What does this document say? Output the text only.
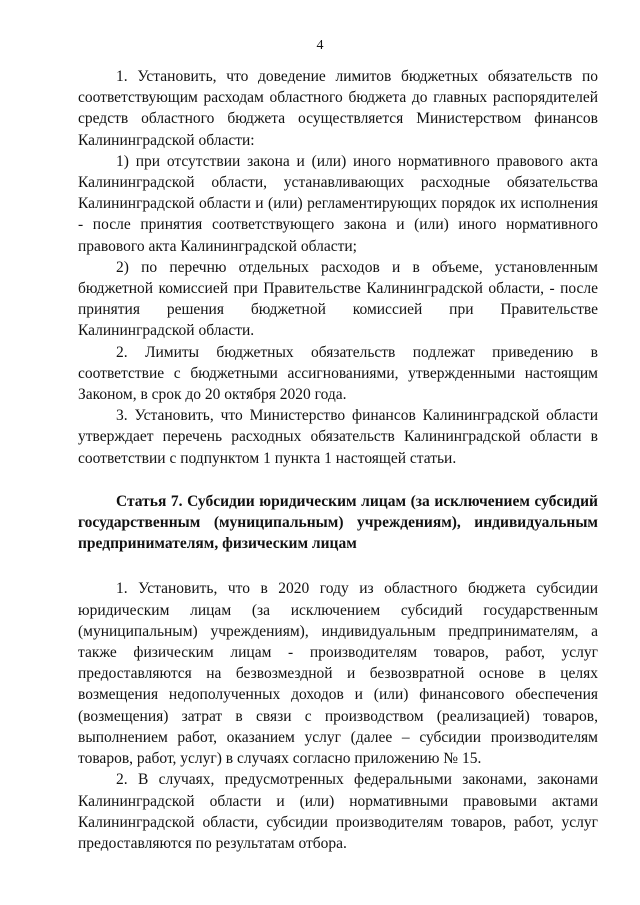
4

1. Установить, что доведение лимитов бюджетных обязательств по соответствующим расходам областного бюджета до главных распорядителей средств областного бюджета осуществляется Министерством финансов Калининградской области:

1) при отсутствии закона и (или) иного нормативного правового акта Калининградской области, устанавливающих расходные обязательства Калининградской области и (или) регламентирующих порядок их исполнения - после принятия соответствующего закона и (или) иного нормативного правового акта Калининградской области;

2) по перечню отдельных расходов и в объеме, установленным бюджетной комиссией при Правительстве Калининградской области, - после принятия решения бюджетной комиссией при Правительстве Калининградской области.

2. Лимиты бюджетных обязательств подлежат приведению в соответствие с бюджетными ассигнованиями, утвержденными настоящим Законом, в срок до 20 октября 2020 года.

3. Установить, что Министерство финансов Калининградской области утверждает перечень расходных обязательств Калининградской области в соответствии с подпунктом 1 пункта 1 настоящей статьи.

Статья 7. Субсидии юридическим лицам (за исключением субсидий государственным (муниципальным) учреждениям), индивидуальным предпринимателям, физическим лицам

1. Установить, что в 2020 году из областного бюджета субсидии юридическим лицам (за исключением субсидий государственным (муниципальным) учреждениям), индивидуальным предпринимателям, а также физическим лицам - производителям товаров, работ, услуг предоставляются на безвозмездной и безвозвратной основе в целях возмещения недополученных доходов и (или) финансового обеспечения (возмещения) затрат в связи с производством (реализацией) товаров, выполнением работ, оказанием услуг (далее – субсидии производителям товаров, работ, услуг) в случаях согласно приложению № 15.

2. В случаях, предусмотренных федеральными законами, законами Калининградской области и (или) нормативными правовыми актами Калининградской области, субсидии производителям товаров, работ, услуг предоставляются по результатам отбора.
